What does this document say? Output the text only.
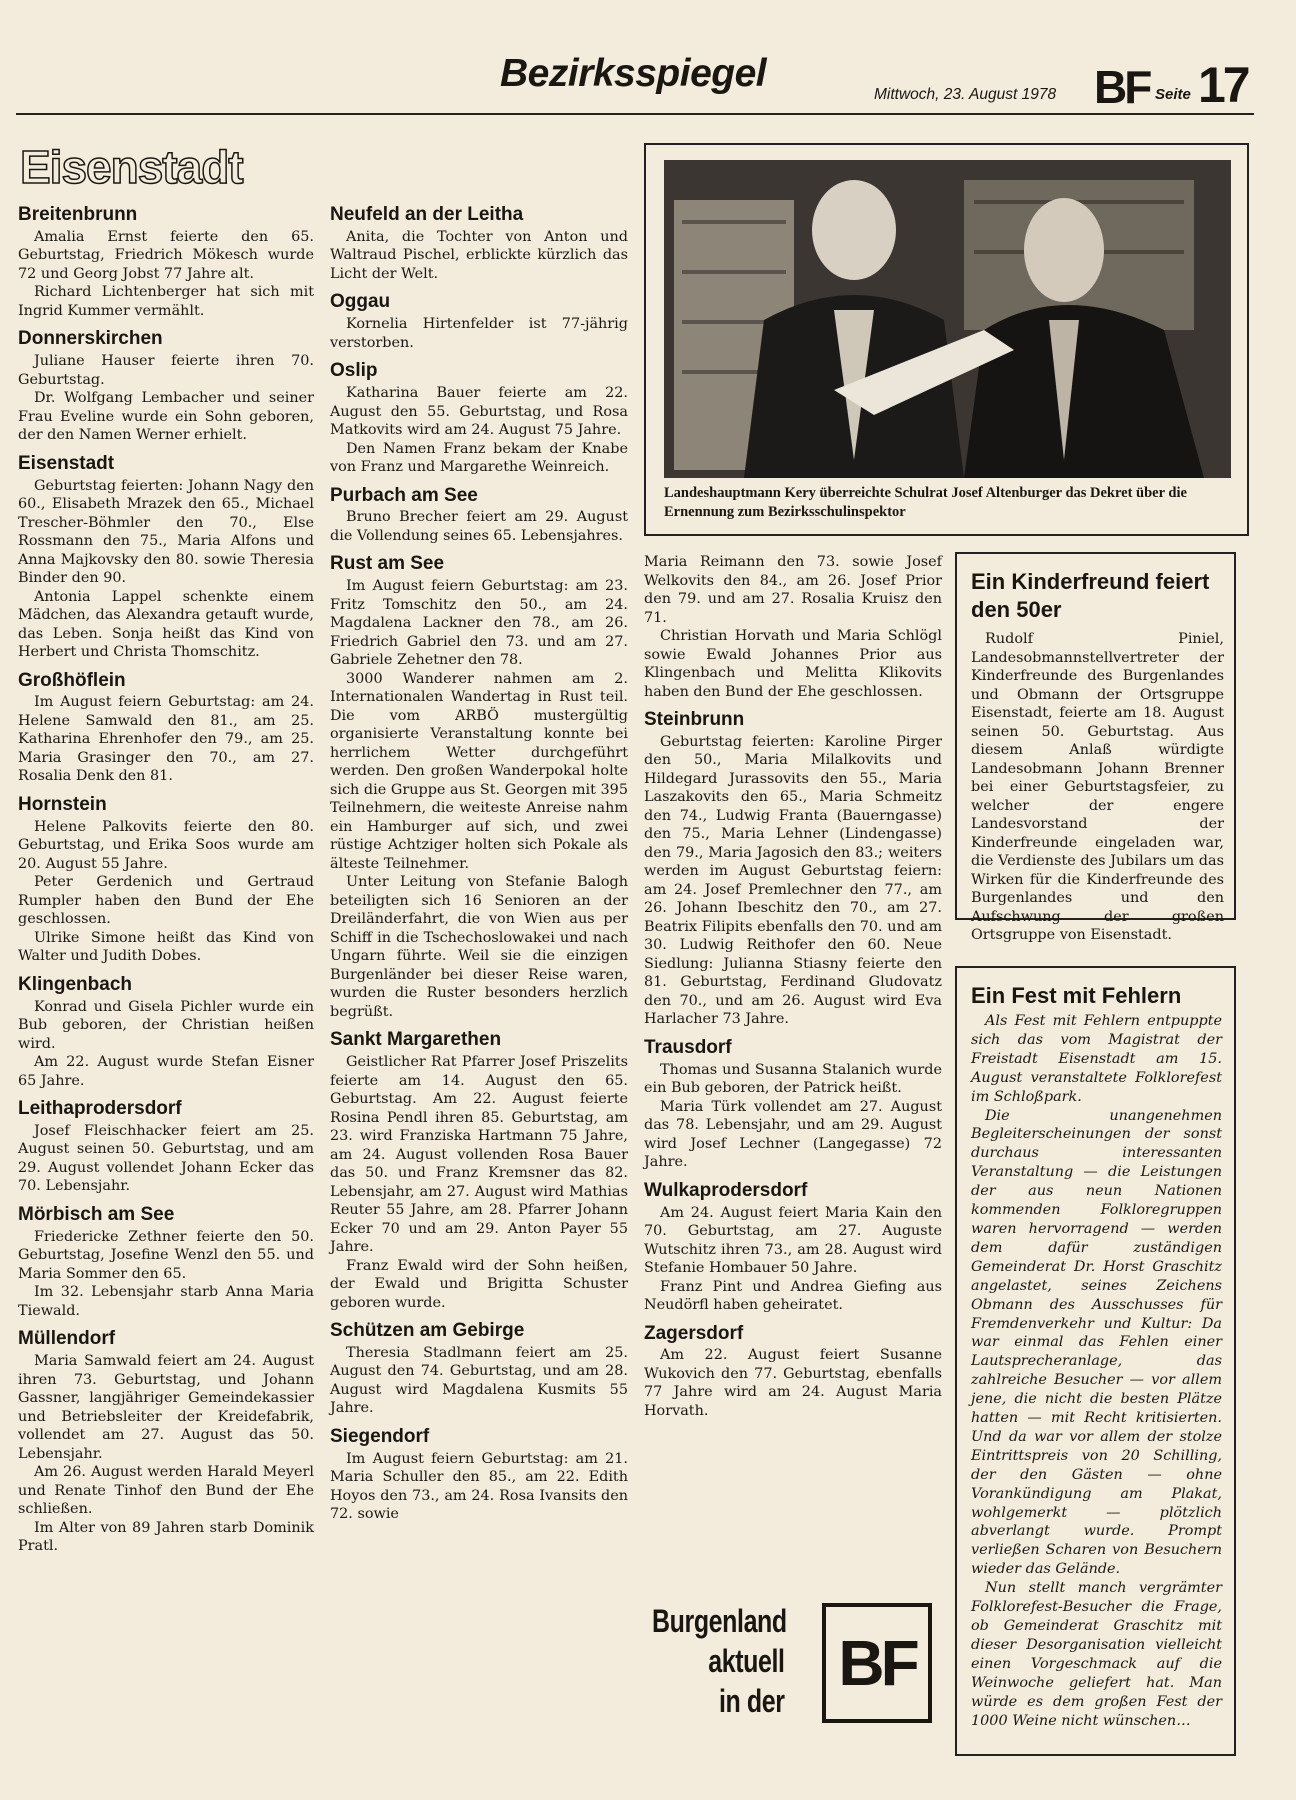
Bezirksspiegel	Mittwoch, 23. August 1978 BF Seite 17
Eisenstadt
Breitenbrunn

Amalia Ernst feierte den 65. Geburtstag, Friedrich Mökesch wurde 72 und Georg Jobst 77 Jahre alt.

Richard Lichtenberger hat sich mit Ingrid Kummer vermählt.

Donnerskirchen

Juliane Hauser feierte ihren 70. Geburtstag.

Dr. Wolfgang Lembacher und seiner Frau Eveline wurde ein Sohn geboren, der den Namen Werner erhielt.

Eisenstadt

Geburtstag feierten: Johann Nagy den 60., Elisabeth Mrazek den 65., Michael Trescher-Böhmler den 70., Else Rossmann den 75., Maria Alfons und Anna Majkovsky den 80. sowie Theresia Binder den 90.

Antonia Lappel schenkte einem Mädchen, das Alexandra getauft wurde, das Leben. Sonja heißt das Kind von Herbert und Christa Thomschitz.

Großhöflein

Im August feiern Geburtstag: am 24. Helene Samwald den 81., am 25. Katharina Ehrenhofer den 79., am 25. Maria Grasinger den 70., am 27. Rosalia Denk den 81.

Hornstein

Helene Palkovits feierte den 80. Geburtstag, und Erika Soos wurde am 20. August 55 Jahre.

Peter Gerdenich und Gertraud Rumpler haben den Bund der Ehe geschlossen.

Ulrike Simone heißt das Kind von Walter und Judith Dobes.

Klingenbach

Konrad und Gisela Pichler wurde ein Bub geboren, der Christian heißen wird.

Am 22. August wurde Stefan Eisner 65 Jahre.

Leithaprodersdorf

Josef Fleischhacker feiert am 25. August seinen 50. Geburtstag, und am 29. August vollendet Johann Ecker das 70. Lebensjahr.

Mörbisch am See

Friedericke Zethner feierte den 50. Geburtstag, Josefine Wenzl den 55. und Maria Sommer den 65.

Im 32. Lebensjahr starb Anna Maria Tiewald.

Müllendorf

Maria Samwald feiert am 24. August ihren 73. Geburtstag, und Johann Gassner, langjähriger Gemeindekassier und Betriebsleiter der Kreidefabrik, vollendet am 27. August das 50. Lebensjahr.

Am 26. August werden Harald Meyerl und Renate Tinhof den Bund der Ehe schließen.

Im Alter von 89 Jahren starb Dominik Pratl.

Neufeld an der Leitha

Anita, die Tochter von Anton und Waltraud Pischel, erblickte kürzlich das Licht der Welt.

Oggau

Kornelia Hirtenfelder ist 77-jährig verstorben.

Oslip

Katharina Bauer feierte am 22. August den 55. Geburtstag, und Rosa Matkovits wird am 24. August 75 Jahre.

Den Namen Franz bekam der Knabe von Franz und Margarethe Weinreich.

Purbach am See

Bruno Brecher feiert am 29. August die Vollendung seines 65. Lebensjahres.

Rust am See

Im August feiern Geburtstag: am 23. Fritz Tomschitz den 50., am 24. Magdalena Lackner den 78., am 26. Friedrich Gabriel den 73. und am 27. Gabriele Zehetner den 78.

3000 Wanderer nahmen am 2. Internationalen Wandertag in Rust teil. Die vom ARBÖ mustergültig organisierte Veranstaltung konnte bei herrlichem Wetter durchgeführt werden. Den großen Wanderpokal holte sich die Gruppe aus St. Georgen mit 395 Teilnehmern, die weiteste Anreise nahm ein Hamburger auf sich, und zwei rüstige Achtziger holten sich Pokale als älteste Teilnehmer.

Unter Leitung von Stefanie Balogh beteiligten sich 16 Senioren an der Dreiländerfahrt, die von Wien aus per Schiff in die Tschechoslowakei und nach Ungarn führte. Weil sie die einzigen Burgenländer bei dieser Reise waren, wurden die Ruster besonders herzlich begrüßt.

Sankt Margarethen

Geistlicher Rat Pfarrer Josef Priszelits feierte am 14. August den 65. Geburtstag. Am 22. August feierte Rosina Pendl ihren 85. Geburtstag, am 23. wird Franziska Hartmann 75 Jahre, am 24. August vollenden Rosa Bauer das 50. und Franz Kremsner das 82. Lebensjahr, am 27. August wird Mathias Reuter 55 Jahre, am 28. Pfarrer Johann Ecker 70 und am 29. Anton Payer 55 Jahre.

Franz Ewald wird der Sohn heißen, der Ewald und Brigitta Schuster geboren wurde.

Schützen am Gebirge

Theresia Stadlmann feiert am 25. August den 74. Geburtstag, und am 28. August wird Magdalena Kusmits 55 Jahre.

Siegendorf

Im August feiern Geburtstag: am 21. Maria Schuller den 85., am 22. Edith Hoyos den 73., am 24. Rosa Ivansits den 72. sowie

Landeshauptmann Kery überreichte Schulrat Josef Altenburger das Dekret über die Ernennung zum Bezirksschulinspektor

Maria Reimann den 73. sowie Josef Welkovits den 84., am 26. Josef Prior den 79. und am 27. Rosalia Kruisz den 71.

Christian Horvath und Maria Schlögl sowie Ewald Johannes Prior aus Klingenbach und Melitta Klikovits haben den Bund der Ehe geschlossen.

Steinbrunn

Geburtstag feierten: Karoline Pirger den 50., Maria Milalkovits und Hildegard Jurassovits den 55., Maria Laszakovits den 65., Maria Schmeitz den 74., Ludwig Franta (Bauerngasse) den 75., Maria Lehner (Lindengasse) den 79., Maria Jagosich den 83.; weiters werden im August Geburtstag feiern: am 24. Josef Premlechner den 77., am 26. Johann Ibeschitz den 70., am 27. Beatrix Filipits ebenfalls den 70. und am 30. Ludwig Reithofer den 60. Neue Siedlung: Julianna Stiasny feierte den 81. Geburtstag, Ferdinand Gludovatz den 70., und am 26. August wird Eva Harlacher 73 Jahre.

Trausdorf

Thomas und Susanna Stalanich wurde ein Bub geboren, der Patrick heißt.

Maria Türk vollendet am 27. August das 78. Lebensjahr, und am 29. August wird Josef Lechner (Langegasse) 72 Jahre.

Wulkaprodersdorf

Am 24. August feiert Maria Kain den 70. Geburtstag, am 27. Auguste Wutschitz ihren 73., am 28. August wird Stefanie Hombauer 50 Jahre.

Franz Pint und Andrea Giefing aus Neudörfl haben geheiratet.

Zagersdorf

Am 22. August feiert Susanne Wukovich den 77. Geburtstag, ebenfalls 77 Jahre wird am 24. August Maria Horvath.

Ein Kinderfreund feiert den 50er

Rudolf Piniel, Landesobmannstellvertreter der Kinderfreunde des Burgenlandes und Obmann der Ortsgruppe Eisenstadt, feierte am 18. August seinen 50. Geburtstag. Aus diesem Anlaß würdigte Landesobmann Johann Brenner bei einer Geburtstagsfeier, zu welcher der engere Landesvorstand der Kinderfreunde eingeladen war, die Verdienste des Jubilars um das Wirken für die Kinderfreunde des Burgenlandes und den Aufschwung der großen Ortsgruppe von Eisenstadt.

Ein Fest mit Fehlern

Als Fest mit Fehlern entpuppte sich das vom Magistrat der Freistadt Eisenstadt am 15. August veranstaltete Folklorefest im Schloßpark.

Die unangenehmen Begleiterscheinungen der sonst durchaus interessanten Veranstaltung — die Leistungen der aus neun Nationen kommenden Folkloregruppen waren hervorragend — werden dem dafür zuständigen Gemeinderat Dr. Horst Graschitz angelastet, seines Zeichens Obmann des Ausschusses für Fremdenverkehr und Kultur: Da war einmal das Fehlen einer Lautsprecheranlage, das zahlreiche Besucher — vor allem jene, die nicht die besten Plätze hatten — mit Recht kritisierten. Und da war vor allem der stolze Eintrittspreis von 20 Schilling, der den Gästen — ohne Vorankündigung am Plakat, wohlgemerkt — plötzlich abverlangt wurde. Prompt verließen Scharen von Besuchern wieder das Gelände.

Nun stellt manch vergrämter Folklorefest-Besucher die Frage, ob Gemeinderat Graschitz mit dieser Desorganisation vielleicht einen Vorgeschmack auf die Weinwoche geliefert hat. Man würde es dem großen Fest der 1000 Weine nicht wünschen…

Burgenland
aktuell
in der
BF
